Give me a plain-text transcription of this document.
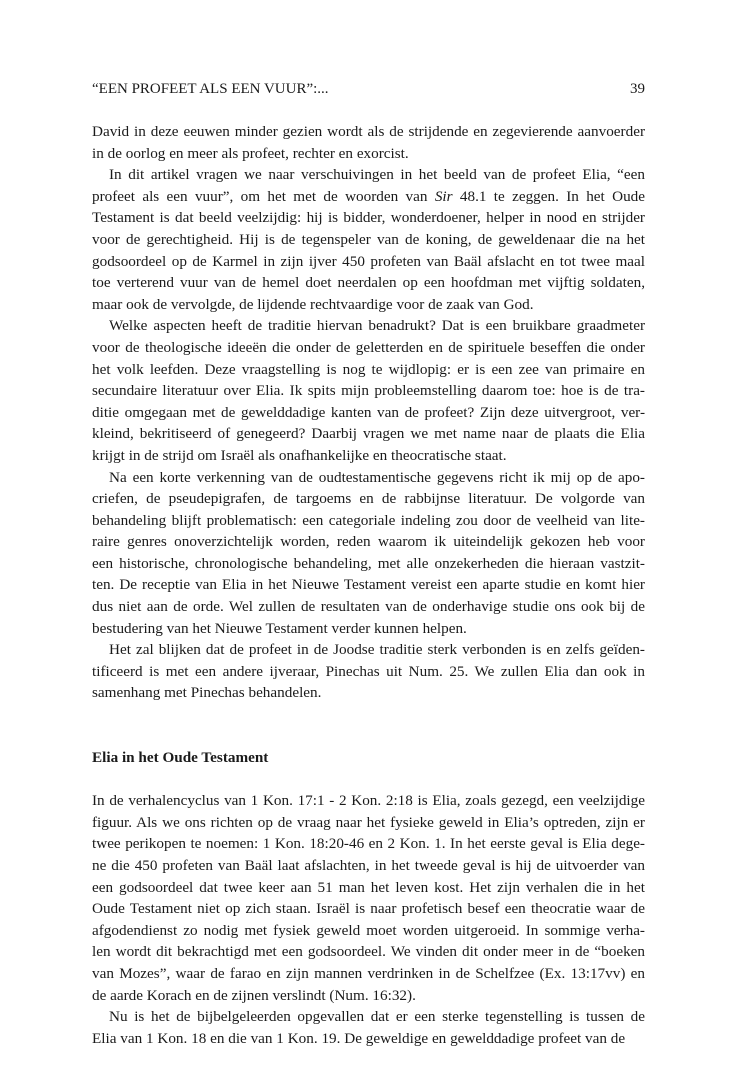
“EEN PROFEET ALS EEN VUUR”:...	39

David in deze eeuwen minder gezien wordt als de strijdende en zegevierende aanvoerder

in de oorlog en meer als profeet, rechter en exorcist.

In dit artikel vragen we naar verschuivingen in het beeld van de profeet Elia, “een

profeet als een vuur”, om het met de woorden van Sir 48.1 te zeggen. In het Oude

Testament is dat beeld veelzijdig: hij is bidder, wonderdoener, helper in nood en strijder

voor de gerechtigheid. Hij is de tegenspeler van de koning, de geweldenaar die na het

godsoordeel op de Karmel in zijn ijver 450 profeten van Baäl afslacht en tot twee maal

toe verterend vuur van de hemel doet neerdalen op een hoofdman met vijftig soldaten,

maar ook de vervolgde, de lijdende rechtvaardige voor de zaak van God.

Welke aspecten heeft de traditie hiervan benadrukt? Dat is een bruikbare graadmeter

voor de theologische ideeën die onder de geletterden en de spirituele beseffen die onder

het volk leefden. Deze vraagstelling is nog te wijdlopig: er is een zee van primaire en

secundaire literatuur over Elia. Ik spits mijn probleemstelling daarom toe: hoe is de tra-

ditie omgegaan met de gewelddadige kanten van de profeet? Zijn deze uitvergroot, ver-

kleind, bekritiseerd of genegeerd? Daarbij vragen we met name naar de plaats die Elia

krijgt in de strijd om Israël als onafhankelijke en theocratische staat.

Na een korte verkenning van de oudtestamentische gegevens richt ik mij op de apo-

criefen, de pseudepigrafen, de targoems en de rabbijnse literatuur. De volgorde van

behandeling blijft problematisch: een categoriale indeling zou door de veelheid van lite-

raire genres onoverzichtelijk worden, reden waarom ik uiteindelijk gekozen heb voor

een historische, chronologische behandeling, met alle onzekerheden die hieraan vastzit-

ten. De receptie van Elia in het Nieuwe Testament vereist een aparte studie en komt hier

dus niet aan de orde. Wel zullen de resultaten van de onderhavige studie ons ook bij de

bestudering van het Nieuwe Testament verder kunnen helpen.

Het zal blijken dat de profeet in de Joodse traditie sterk verbonden is en zelfs geïden-

tificeerd is met een andere ijveraar, Pinechas uit Num. 25. We zullen Elia dan ook in

samenhang met Pinechas behandelen.

Elia in het Oude Testament

In de verhalencyclus van 1 Kon. 17:1 - 2 Kon. 2:18 is Elia, zoals gezegd, een veelzijdige

figuur. Als we ons richten op de vraag naar het fysieke geweld in Elia’s optreden, zijn er

twee perikopen te noemen: 1 Kon. 18:20-46 en 2 Kon. 1. In het eerste geval is Elia dege-

ne die 450 profeten van Baäl laat afslachten, in het tweede geval is hij de uitvoerder van

een godsoordeel dat twee keer aan 51 man het leven kost. Het zijn verhalen die in het

Oude Testament niet op zich staan. Israël is naar profetisch besef een theocratie waar de

afgodendienst zo nodig met fysiek geweld moet worden uitgeroeid. In sommige verha-

len wordt dit bekrachtigd met een godsoordeel. We vinden dit onder meer in de “boeken

van Mozes”, waar de farao en zijn mannen verdrinken in de Schelfzee (Ex. 13:17vv) en

de aarde Korach en de zijnen verslindt (Num. 16:32).

Nu is het de bijbelgeleerden opgevallen dat er een sterke tegenstelling is tussen de

Elia van 1 Kon. 18 en die van 1 Kon. 19. De geweldige en gewelddadige profeet van de
